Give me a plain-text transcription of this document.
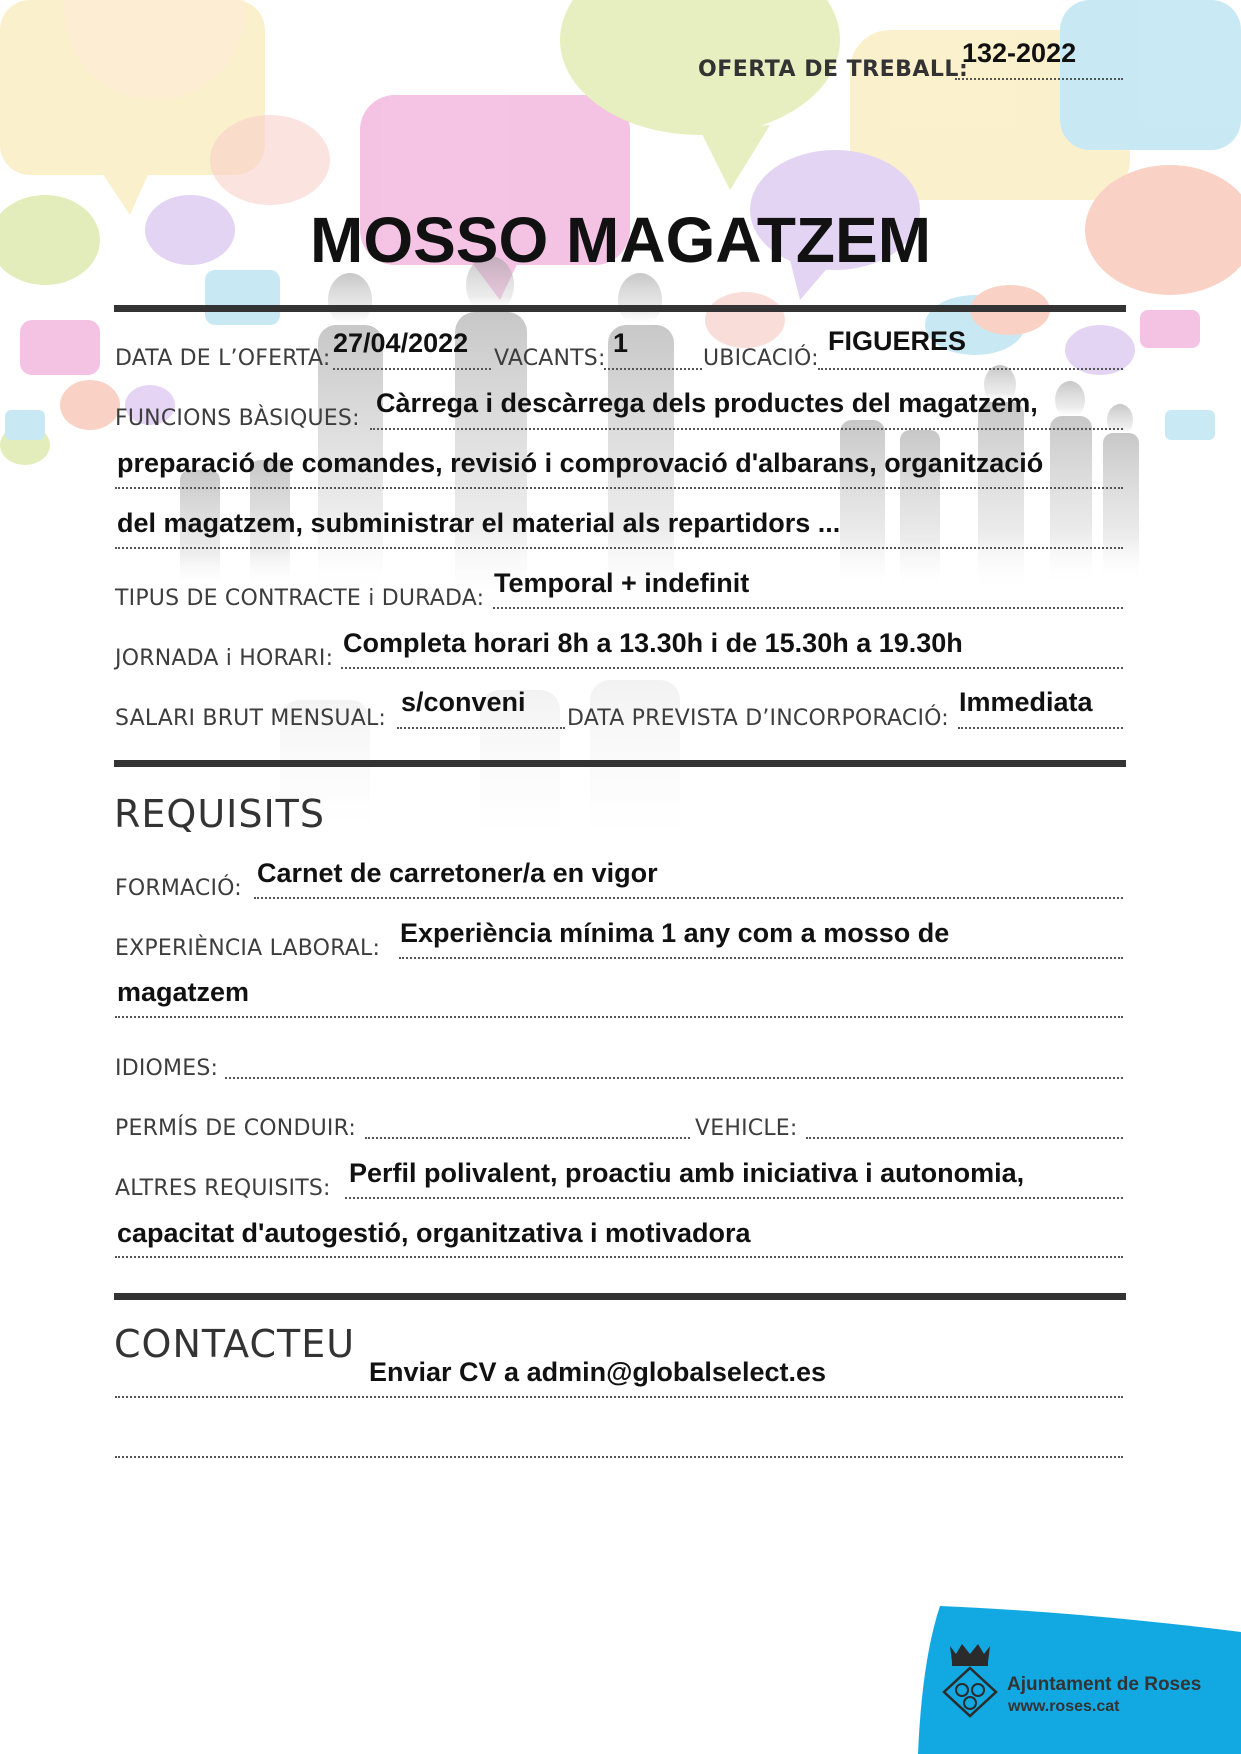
OFERTA DE TREBALL:
132-2022
MOSSO MAGATZEM
DATA DE L’OFERTA:
27/04/2022
VACANTS:
1
UBICACIÓ:
FIGUERES
FUNCIONS BÀSIQUES:
Càrrega i descàrrega dels productes del magatzem,
preparació de comandes, revisió i comprovació d'albarans, organització
del magatzem, subministrar el material als repartidors ...
TIPUS DE CONTRACTE i DURADA:
Temporal + indefinit
JORNADA i HORARI:
Completa horari 8h a 13.30h i de 15.30h a 19.30h
SALARI BRUT MENSUAL:
s/conveni
DATA PREVISTA D’INCORPORACIÓ:
Immediata
REQUISITS
FORMACIÓ:
Carnet de carretoner/a en vigor
EXPERIÈNCIA LABORAL:
Experiència mínima 1 any com a mosso de
magatzem
IDIOMES:
PERMÍS DE CONDUIR:	VEHICLE:
ALTRES REQUISITS:
Perfil polivalent, proactiu amb iniciativa i autonomia,
capacitat d'autogestió, organitzativa i motivadora
CONTACTEU
Enviar CV a admin@globalselect.es
Ajuntament de Roses
www.roses.cat
